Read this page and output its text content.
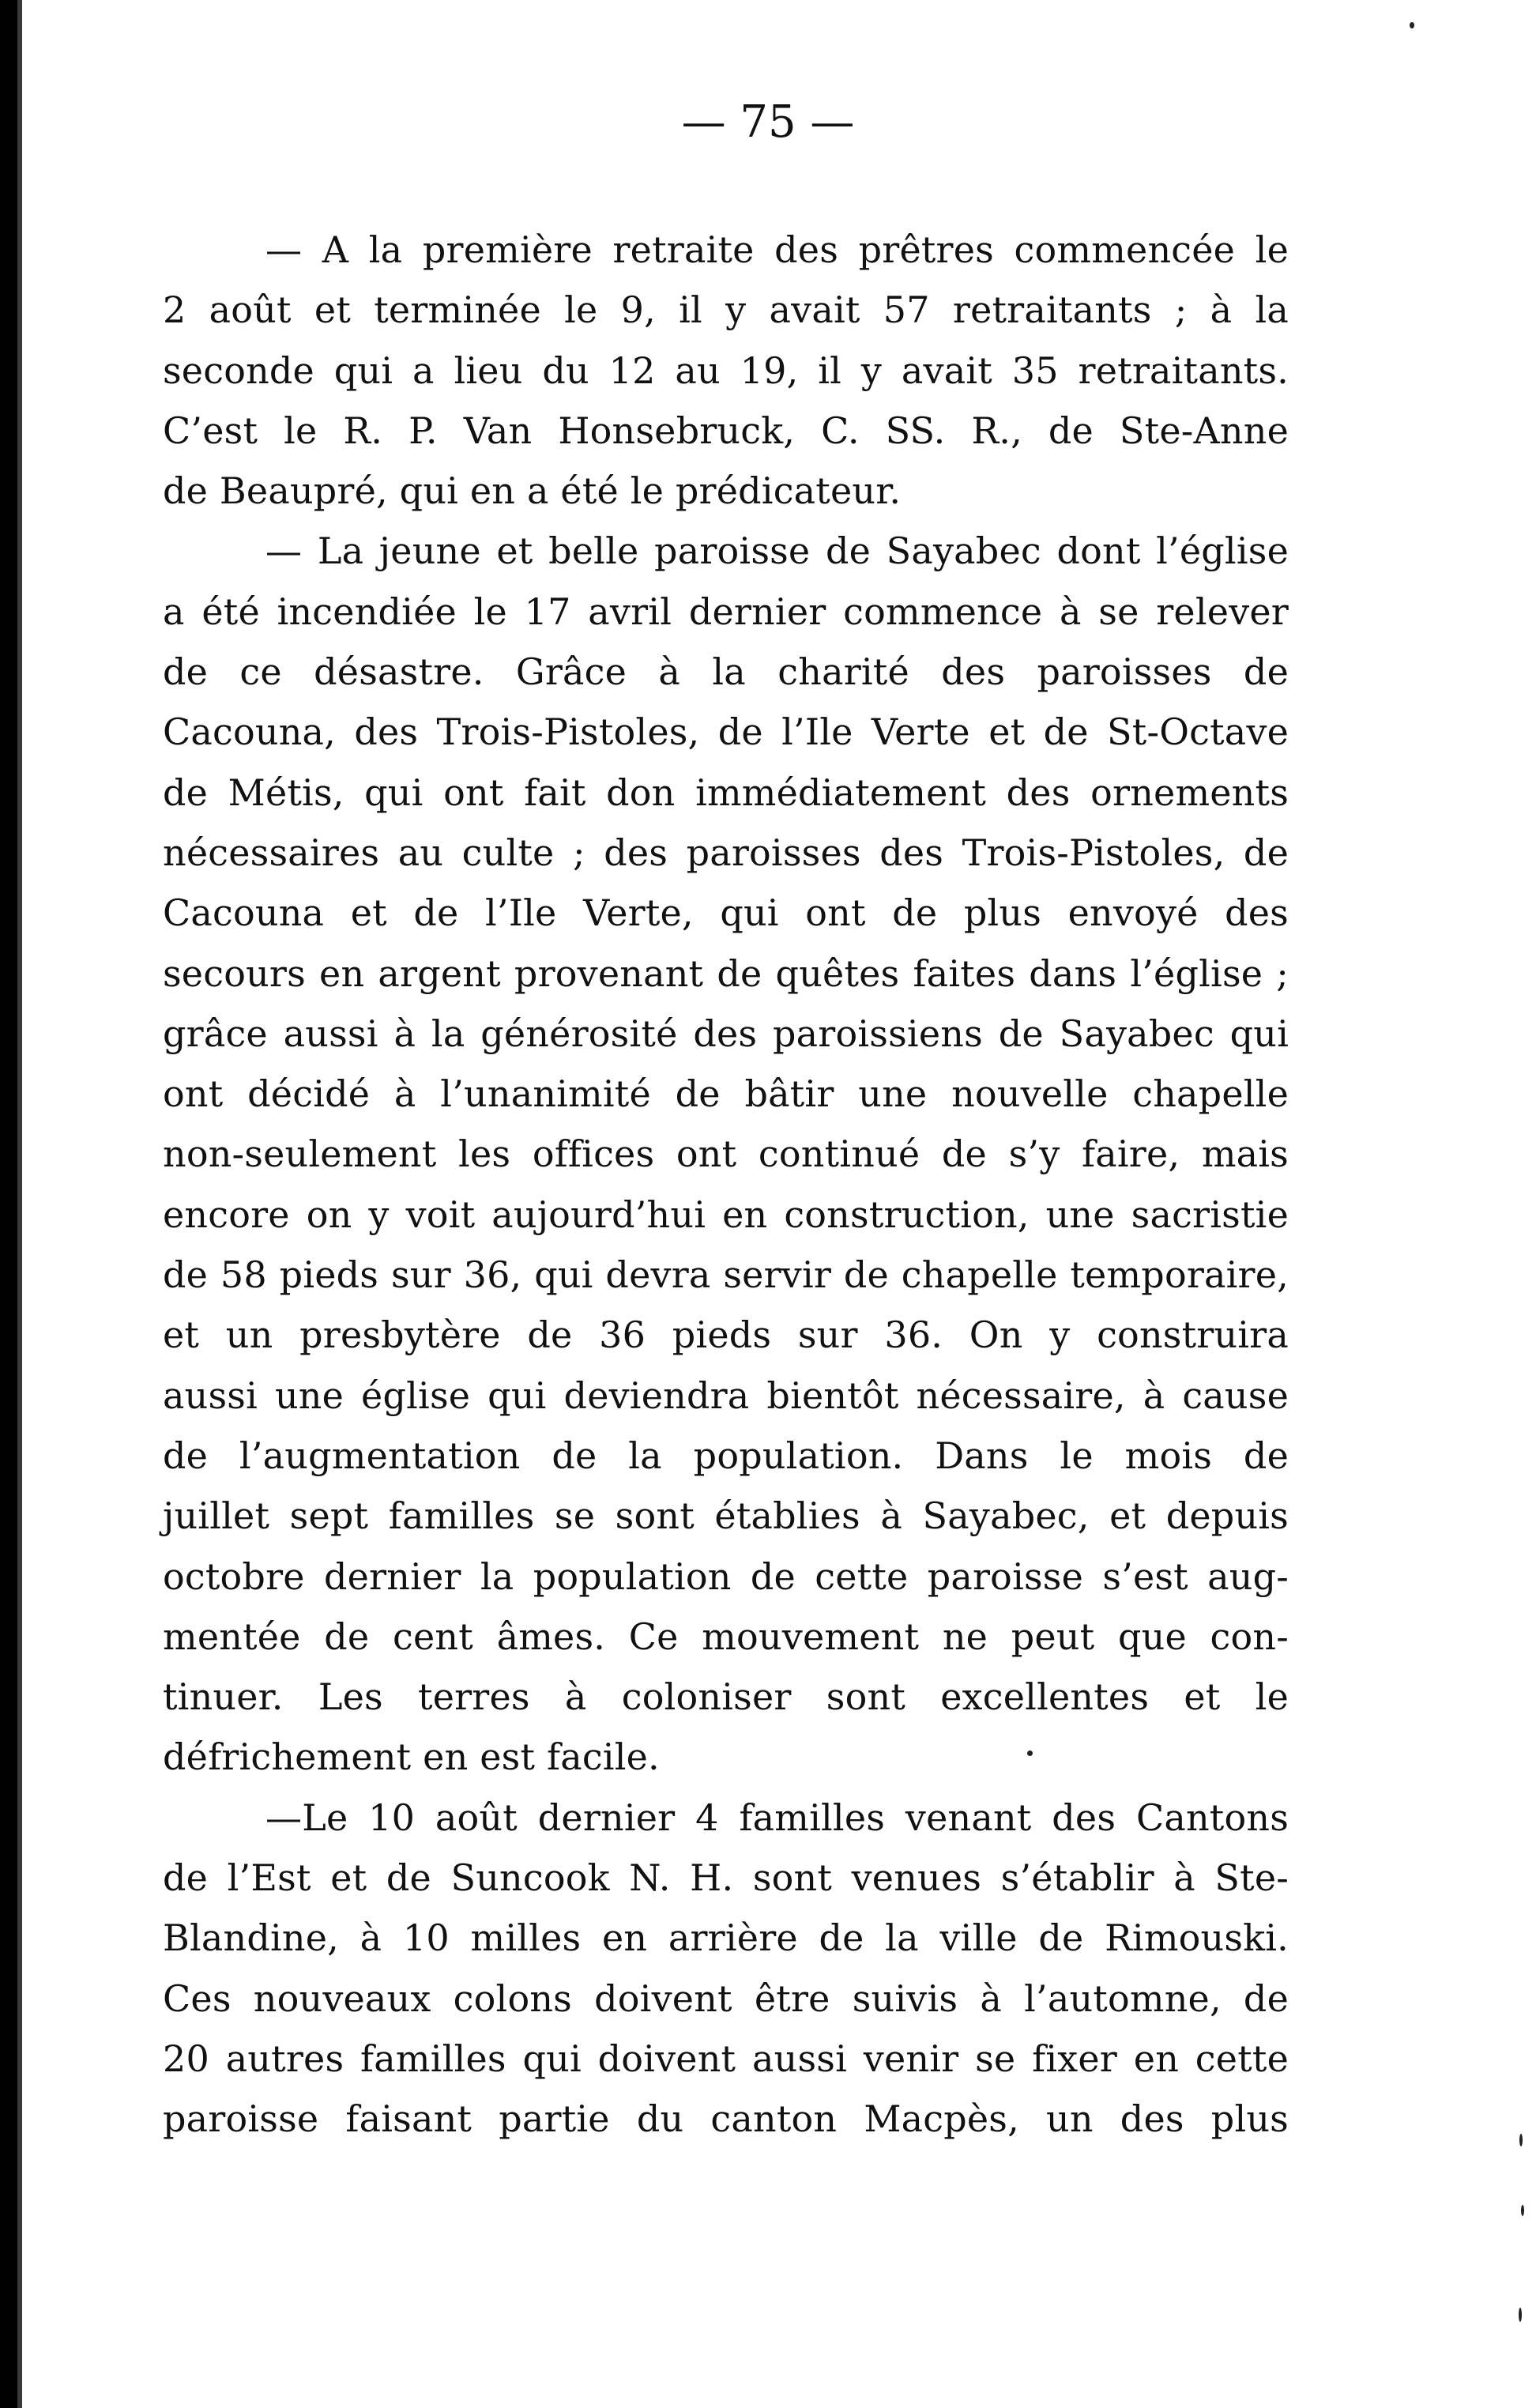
— 75 —
— A la première retraite des prêtres commencée le
2 août et terminée le 9, il y avait 57 retraitants ; à la
seconde qui a lieu du 12 au 19, il y avait 35 retraitants.
C’est le R. P. Van Honsebruck, C. SS. R., de Ste-Anne
de Beaupré, qui en a été le prédicateur.
— La jeune et belle paroisse de Sayabec dont l’église
a été incendiée le 17 avril dernier commence à se relever
de ce désastre. Grâce à la charité des paroisses de
Cacouna, des Trois-Pistoles, de l’Ile Verte et de St-Octave
de Métis, qui ont fait don immédiatement des ornements
nécessaires au culte ; des paroisses des Trois-Pistoles, de
Cacouna et de l’Ile Verte, qui ont de plus envoyé des
secours en argent provenant de quêtes faites dans l’église ;
grâce aussi à la générosité des paroissiens de Sayabec qui
ont décidé à l’unanimité de bâtir une nouvelle chapelle
non-seulement les offices ont continué de s’y faire, mais
encore on y voit aujourd’hui en construction, une sacristie
de 58 pieds sur 36, qui devra servir de chapelle temporaire,
et un presbytère de 36 pieds sur 36. On y construira
aussi une église qui deviendra bientôt nécessaire, à cause
de l’augmentation de la population. Dans le mois de
juillet sept familles se sont établies à Sayabec, et depuis
octobre dernier la population de cette paroisse s’est aug-
mentée de cent âmes. Ce mouvement ne peut que con-
tinuer. Les terres à coloniser sont excellentes et le
défrichement en est facile.
—Le 10 août dernier 4 familles venant des Cantons
de l’Est et de Suncook N. H. sont venues s’établir à Ste-
Blandine, à 10 milles en arrière de la ville de Rimouski.
Ces nouveaux colons doivent être suivis à l’automne, de
20 autres familles qui doivent aussi venir se fixer en cette
paroisse faisant partie du canton Macpès, un des plus
